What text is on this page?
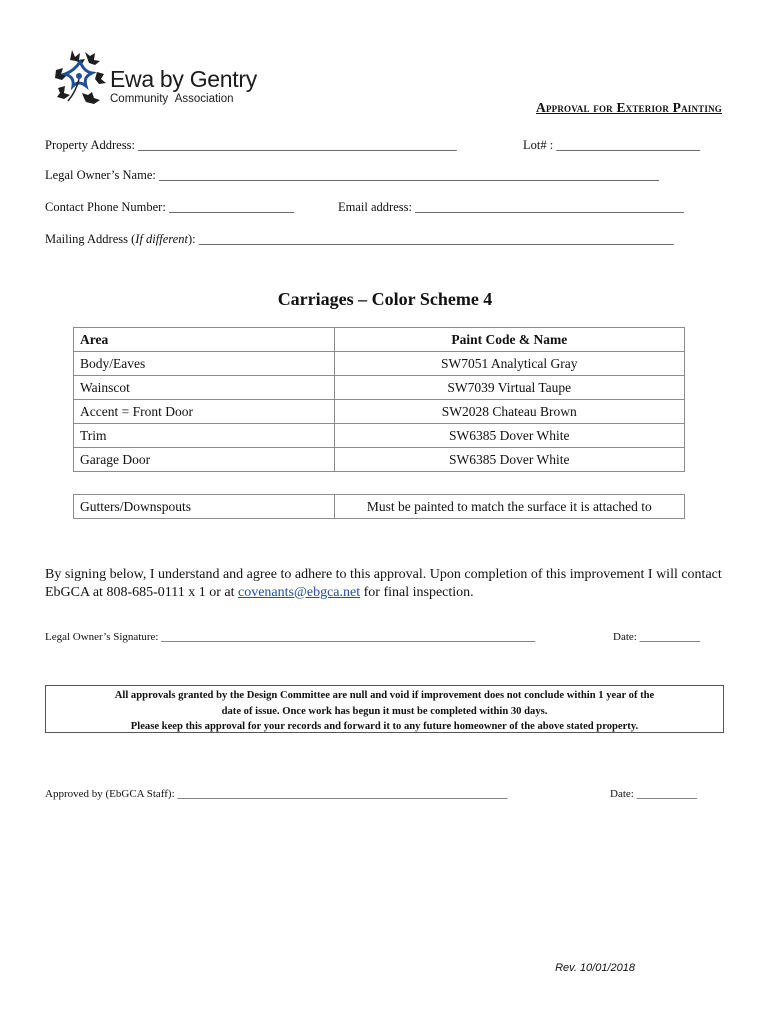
Ewa by Gentry
Community Association
Approval for Exterior Painting
Property Address: ___________________________________________________	Lot# : _______________________
Legal Owner’s Name: ________________________________________________________________________________
Contact Phone Number: ____________________	Email address: ___________________________________________
Mailing Address (If different): ____________________________________________________________________________
Carriages – Color Scheme 4
Area	Paint Code & Name
Body/Eaves	SW7051 Analytical Gray
Wainscot	SW7039 Virtual Taupe
Accent = Front Door	SW2028 Chateau Brown
Trim	SW6385 Dover White
Garage Door	SW6385 Dover White
Gutters/Downspouts	Must be painted to match the surface it is attached to
By signing below, I understand and agree to adhere to this approval. Upon completion of this improvement I will contact EbGCA at 808-685-0111 x 1 or at covenants@ebgca.net for final inspection.
Legal Owner’s Signature: ____________________________________________________________________	Date: ___________
All approvals granted by the Design Committee are null and void if improvement does not conclude within 1 year of the
date of issue. Once work has begun it must be completed within 30 days.
Please keep this approval for your records and forward it to any future homeowner of the above stated property.
Approved by (EbGCA Staff): ____________________________________________________________	Date: ___________
Rev. 10/01/2018
